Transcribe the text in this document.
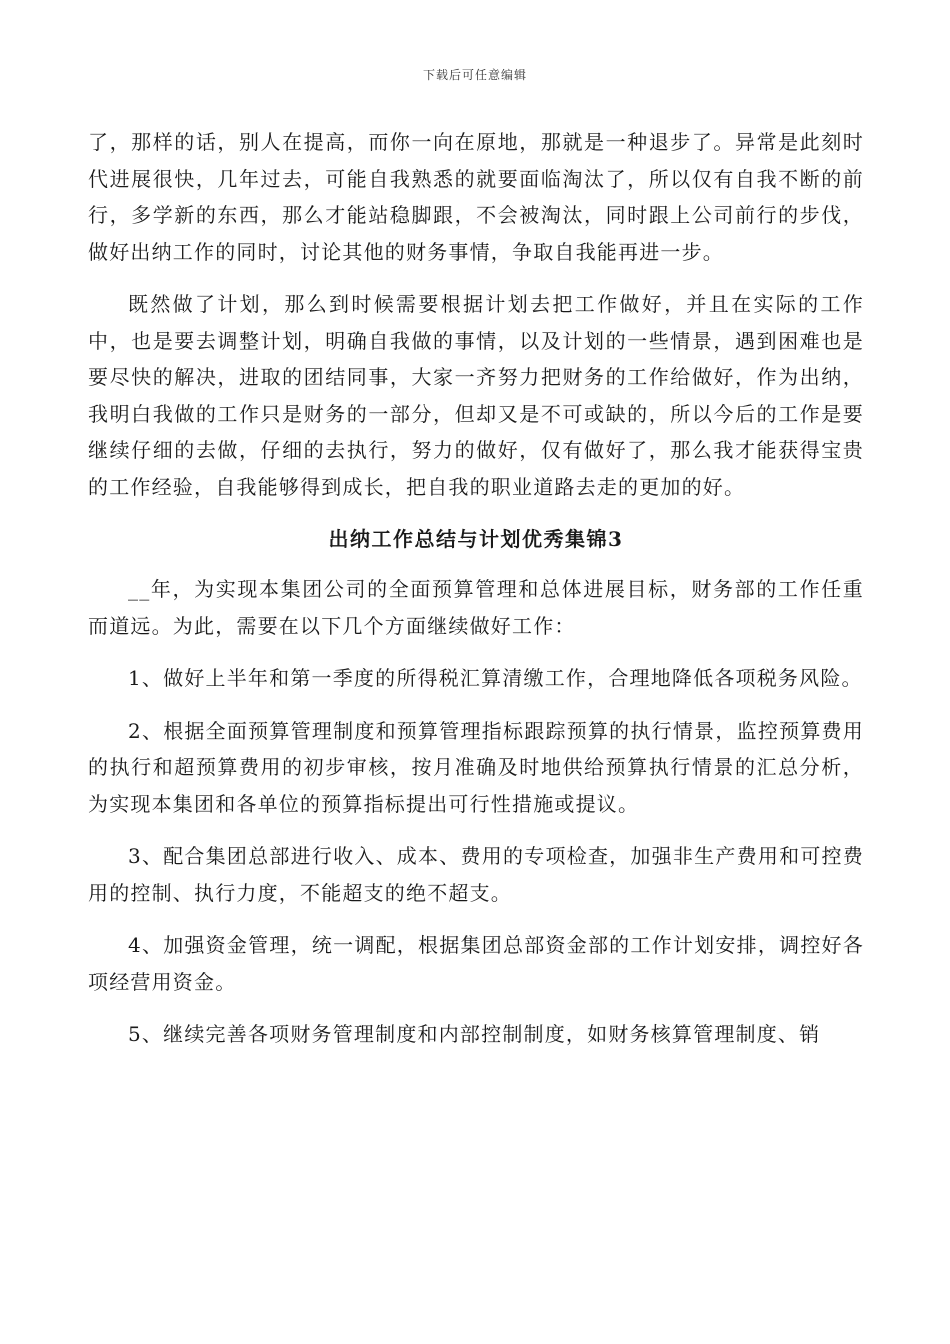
下载后可任意编辑

了，那样的话，别人在提高，而你一向在原地，那就是一种退步了。异常是此刻时代进展很快，几年过去，可能自我熟悉的就要面临淘汰了，所以仅有自我不断的前行，多学新的东西，那么才能站稳脚跟，不会被淘汰，同时跟上公司前行的步伐，做好出纳工作的同时，讨论其他的财务事情，争取自我能再进一步。

既然做了计划，那么到时候需要根据计划去把工作做好，并且在实际的工作中，也是要去调整计划，明确自我做的事情，以及计划的一些情景，遇到困难也是要尽快的解决，进取的团结同事，大家一齐努力把财务的工作给做好，作为出纳，我明白我做的工作只是财务的一部分，但却又是不可或缺的，所以今后的工作是要继续仔细的去做，仔细的去执行，努力的做好，仅有做好了，那么我才能获得宝贵的工作经验，自我能够得到成长，把自我的职业道路去走的更加的好。

出纳工作总结与计划优秀集锦3

__年，为实现本集团公司的全面预算管理和总体进展目标，财务部的工作任重而道远。为此，需要在以下几个方面继续做好工作：

1、做好上半年和第一季度的所得税汇算清缴工作，合理地降低各项税务风险。

2、根据全面预算管理制度和预算管理指标跟踪预算的执行情景，监控预算费用的执行和超预算费用的初步审核，按月准确及时地供给预算执行情景的汇总分析，为实现本集团和各单位的预算指标提出可行性措施或提议。

3、配合集团总部进行收入、成本、费用的专项检查，加强非生产费用和可控费用的控制、执行力度，不能超支的绝不超支。

4、加强资金管理，统一调配，根据集团总部资金部的工作计划安排，调控好各项经营用资金。

5、继续完善各项财务管理制度和内部控制制度，如财务核算管理制度、销
